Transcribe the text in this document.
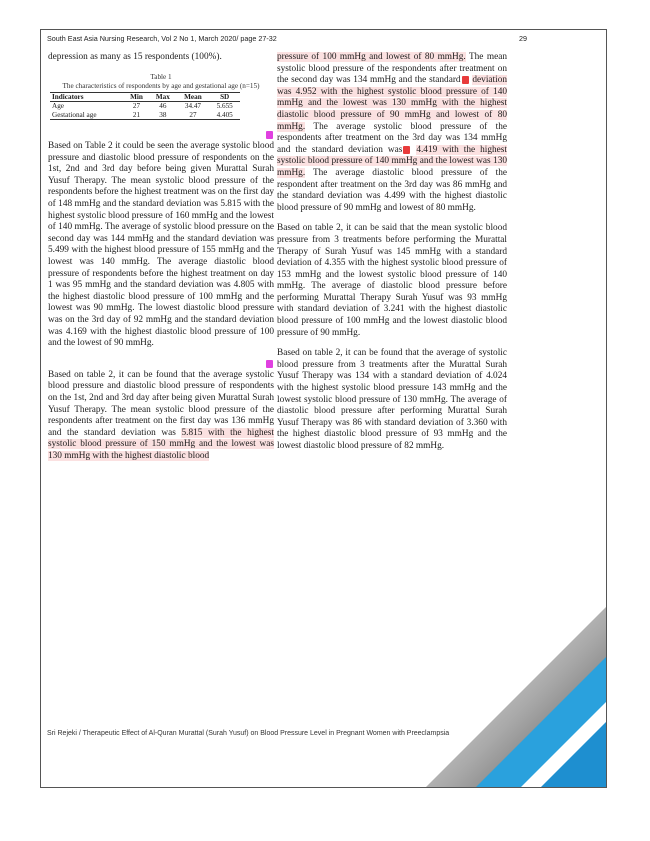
South East Asia Nursing Research, Vol 2 No 1, March 2020/ page 27-32	29

depression as many as 15 respondents (100%).

Table 1
The characteristics of respondents by age and gestational age (n=15)
Indicators	Min	Max	Mean	SD
Age	27	46	34.47	5.655
Gestational age	21	38	27	4.405

Based on Table 2 it could be seen the average systolic blood pressure and diastolic blood pressure of respondents on the 1st, 2nd and 3rd day before being given Murattal Surah Yusuf Therapy. The mean systolic blood pressure of the respondents before the highest treatment was on the first day of 148 mmHg and the standard deviation was 5.815 with the highest systolic blood pressure of 160 mmHg and the lowest of 140 mmHg. The average of systolic blood pressure on the second day was 144 mmHg and the standard deviation was 5.499 with the highest blood pressure of 155 mmHg and the lowest was 140 mmHg. The average diastolic blood pressure of respondents before the highest treatment on day 1 was 95 mmHg and the standard deviation was 4.805 with the highest diastolic blood pressure of 100 mmHg and the lowest was 90 mmHg. The lowest diastolic blood pressure was on the 3rd day of 92 mmHg and the standard deviation was 4.169 with the highest diastolic blood pressure of 100 and the lowest of 90 mmHg.

Based on table 2, it can be found that the average systolic blood pressure and diastolic blood pressure of respondents on the 1st, 2nd and 3rd day after being given Murattal Surah Yusuf Therapy. The mean systolic blood pressure of the respondents after treatment on the first day was 136 mmHg and the standard deviation was 5.815 with the highest systolic blood pressure of 150 mmHg and the lowest was 130 mmHg with the highest diastolic blood

pressure of 100 mmHg and lowest of 80 mmHg. The mean systolic blood pressure of the respondents after treatment on the second day was 134 mmHg and the standard deviation was 4.952 with the highest systolic blood pressure of 140 mmHg and the lowest was 130 mmHg with the highest diastolic blood pressure of 90 mmHg and lowest of 80 mmHg. The average systolic blood pressure of the respondents after treatment on the 3rd day was 134 mmHg and the standard deviation was 4.419 with the highest systolic blood pressure of 140 mmHg and the lowest was 130 mmHg. The average diastolic blood pressure of the respondent after treatment on the 3rd day was 86 mmHg and the standard deviation was 4.499 with the highest diastolic blood pressure of 90 mmHg and lowest of 80 mmHg.

Based on table 2, it can be said that the mean systolic blood pressure from 3 treatments before performing the Murattal Therapy of Surah Yusuf was 145 mmHg with a standard deviation of 4.355 with the highest systolic blood pressure of 153 mmHg and the lowest systolic blood pressure of 140 mmHg. The average of diastolic blood pressure before performing Murattal Therapy Surah Yusuf was 93 mmHg with standard deviation of 3.241 with the highest diastolic blood pressure of 100 mmHg and the lowest diastolic blood pressure of 90 mmHg.

Based on table 2, it can be found that the average of systolic blood pressure from 3 treatments after the Murattal Surah Yusuf Therapy was 134 with a standard deviation of 4.024 with the highest systolic blood pressure 143 mmHg and the lowest systolic blood pressure of 130 mmHg. The average of diastolic blood pressure after performing Murattal Surah Yusuf Therapy was 86 with standard deviation of 3.360 with the highest diastolic blood pressure of 93 mmHg and the lowest diastolic blood pressure of 82 mmHg.

Sri Rejeki / Therapeutic Effect of Al-Quran Murattal (Surah Yusuf) on Blood Pressure Level in Pregnant Women with Preeclampsia
